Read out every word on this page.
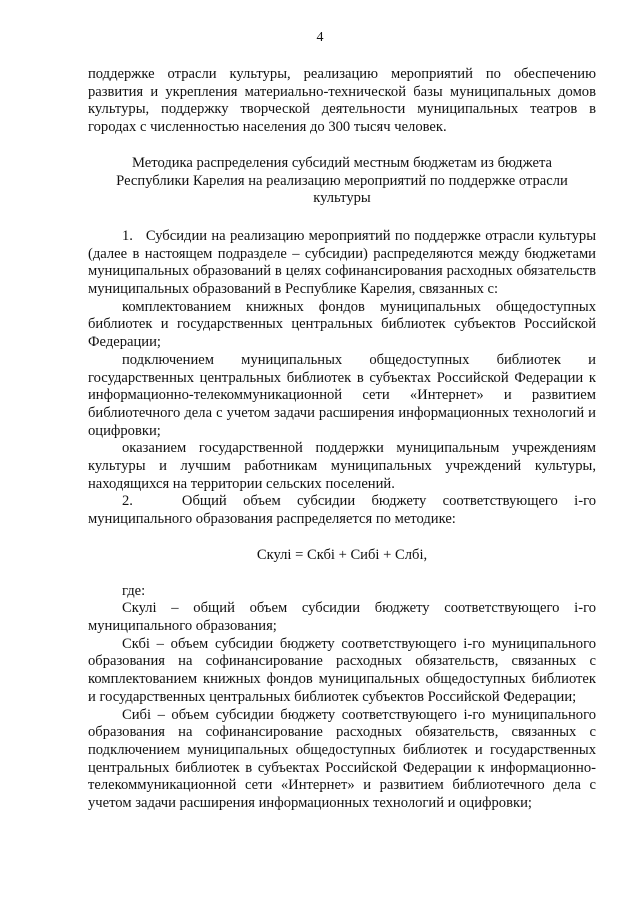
4

поддержке отрасли культуры, реализацию мероприятий по обеспечению развития и укрепления материально-технической базы муниципальных домов культуры, поддержку творческой деятельности муниципальных театров в городах с численностью населения до 300 тысяч человек.

Методика распределения субсидий местным бюджетам из бюджета Республики Карелия на реализацию мероприятий по поддержке отрасли культуры

1.   Субсидии на реализацию мероприятий по поддержке отрасли культуры (далее в настоящем подразделе – субсидии) распределяются между бюджетами муниципальных образований в целях софинансирования расходных обязательств муниципальных образований в Республике Карелия, связанных с:

комплектованием книжных фондов муниципальных общедоступных библиотек и государственных центральных библиотек субъектов Российской Федерации;

подключением муниципальных общедоступных библиотек и государственных центральных библиотек в субъектах Российской Федерации к информационно-телекоммуникационной сети «Интернет» и развитием библиотечного дела с учетом задачи расширения информационных технологий и оцифровки;

оказанием государственной поддержки муниципальным учреждениям культуры и лучшим работникам муниципальных учреждений культуры, находящихся на территории сельских поселений.

2.   Общий объем субсидии бюджету соответствующего i-го муниципального образования распределяется по методике:

Скулi = Скбi + Сибi + Слбi,

где:

Скулi – общий объем субсидии бюджету соответствующего i-го муниципального образования;

Скбi – объем субсидии бюджету соответствующего i-го муниципального образования на софинансирование расходных обязательств, связанных с комплектованием книжных фондов муниципальных общедоступных библиотек и государственных центральных библиотек субъектов Российской Федерации;

Сибi – объем субсидии бюджету соответствующего i-го муниципального образования на софинансирование расходных обязательств, связанных с подключением муниципальных общедоступных библиотек и государственных центральных библиотек в субъектах Российской Федерации к информационно-телекоммуникационной сети «Интернет» и развитием библиотечного дела с учетом задачи расширения информационных технологий и оцифровки;
